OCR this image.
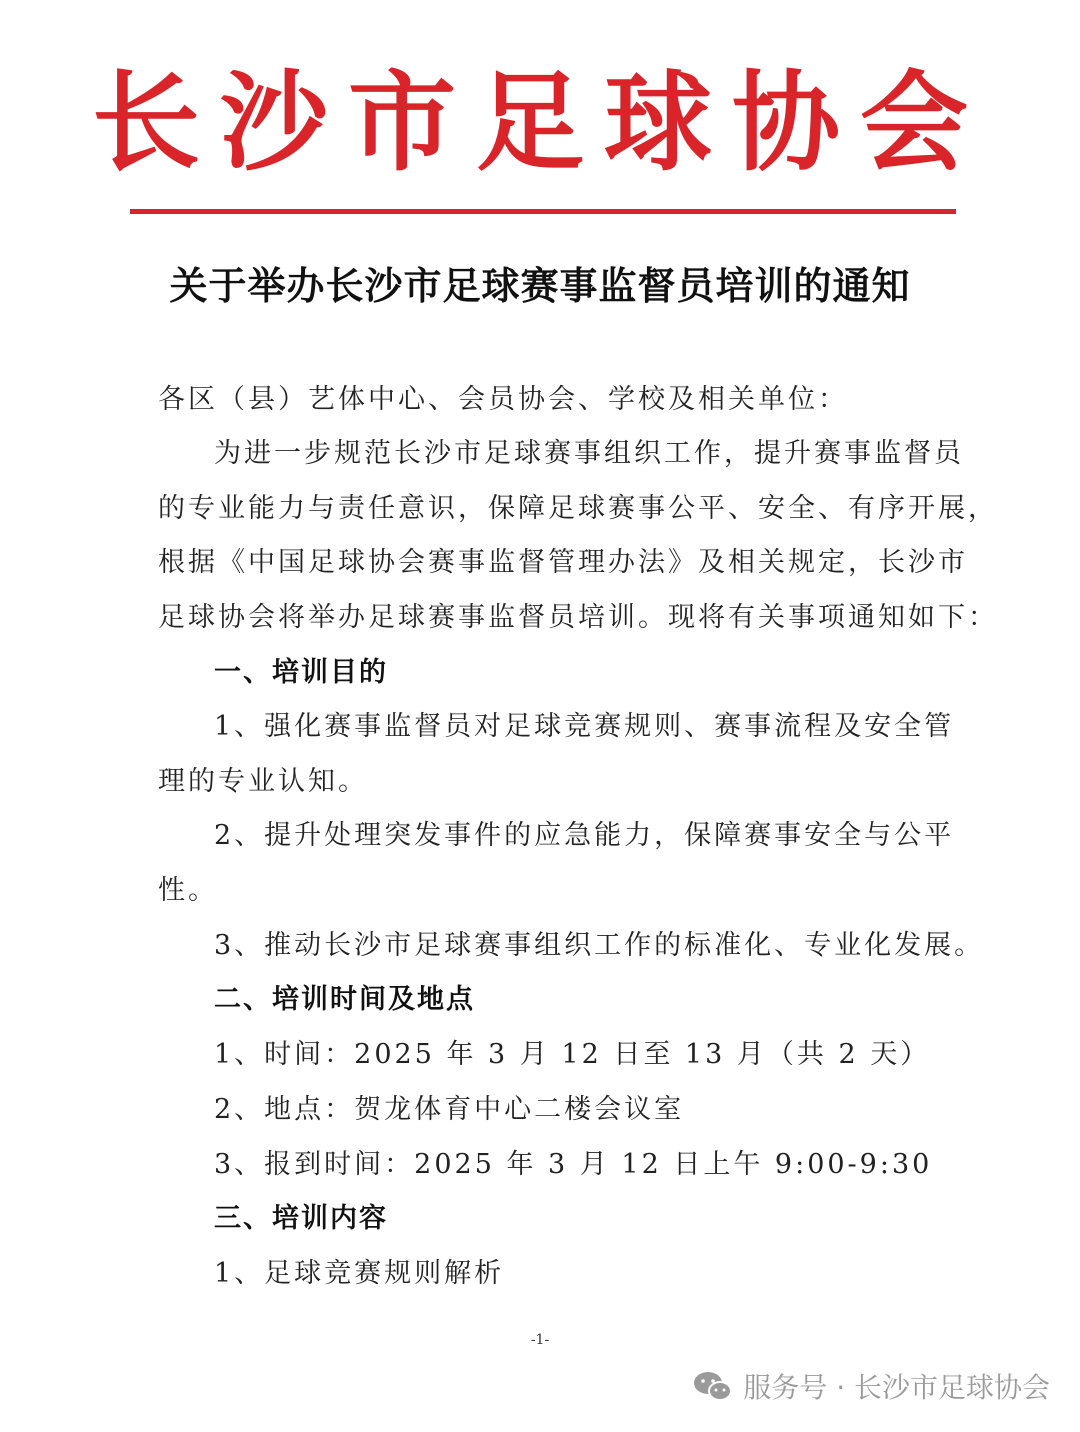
长沙市足球协会
关于举办长沙市足球赛事监督员培训的通知
各区（县）艺体中心、会员协会、学校及相关单位：
为进一步规范长沙市足球赛事组织工作，提升赛事监督员
的专业能力与责任意识，保障足球赛事公平、安全、有序开展，
根据《中国足球协会赛事监督管理办法》及相关规定，长沙市
足球协会将举办足球赛事监督员培训。现将有关事项通知如下：
一、培训目的
1、强化赛事监督员对足球竞赛规则、赛事流程及安全管
理的专业认知。
2、提升处理突发事件的应急能力，保障赛事安全与公平
性。
3、推动长沙市足球赛事组织工作的标准化、专业化发展。
二、培训时间及地点
1、时间：2025 年 3 月 12 日至 13 月（共 2 天）
2、地点：贺龙体育中心二楼会议室
3、报到时间：2025 年 3 月 12 日上午 9:00-9:30
三、培训内容
1、足球竞赛规则解析
-1-
服务号 · 长沙市足球协会
